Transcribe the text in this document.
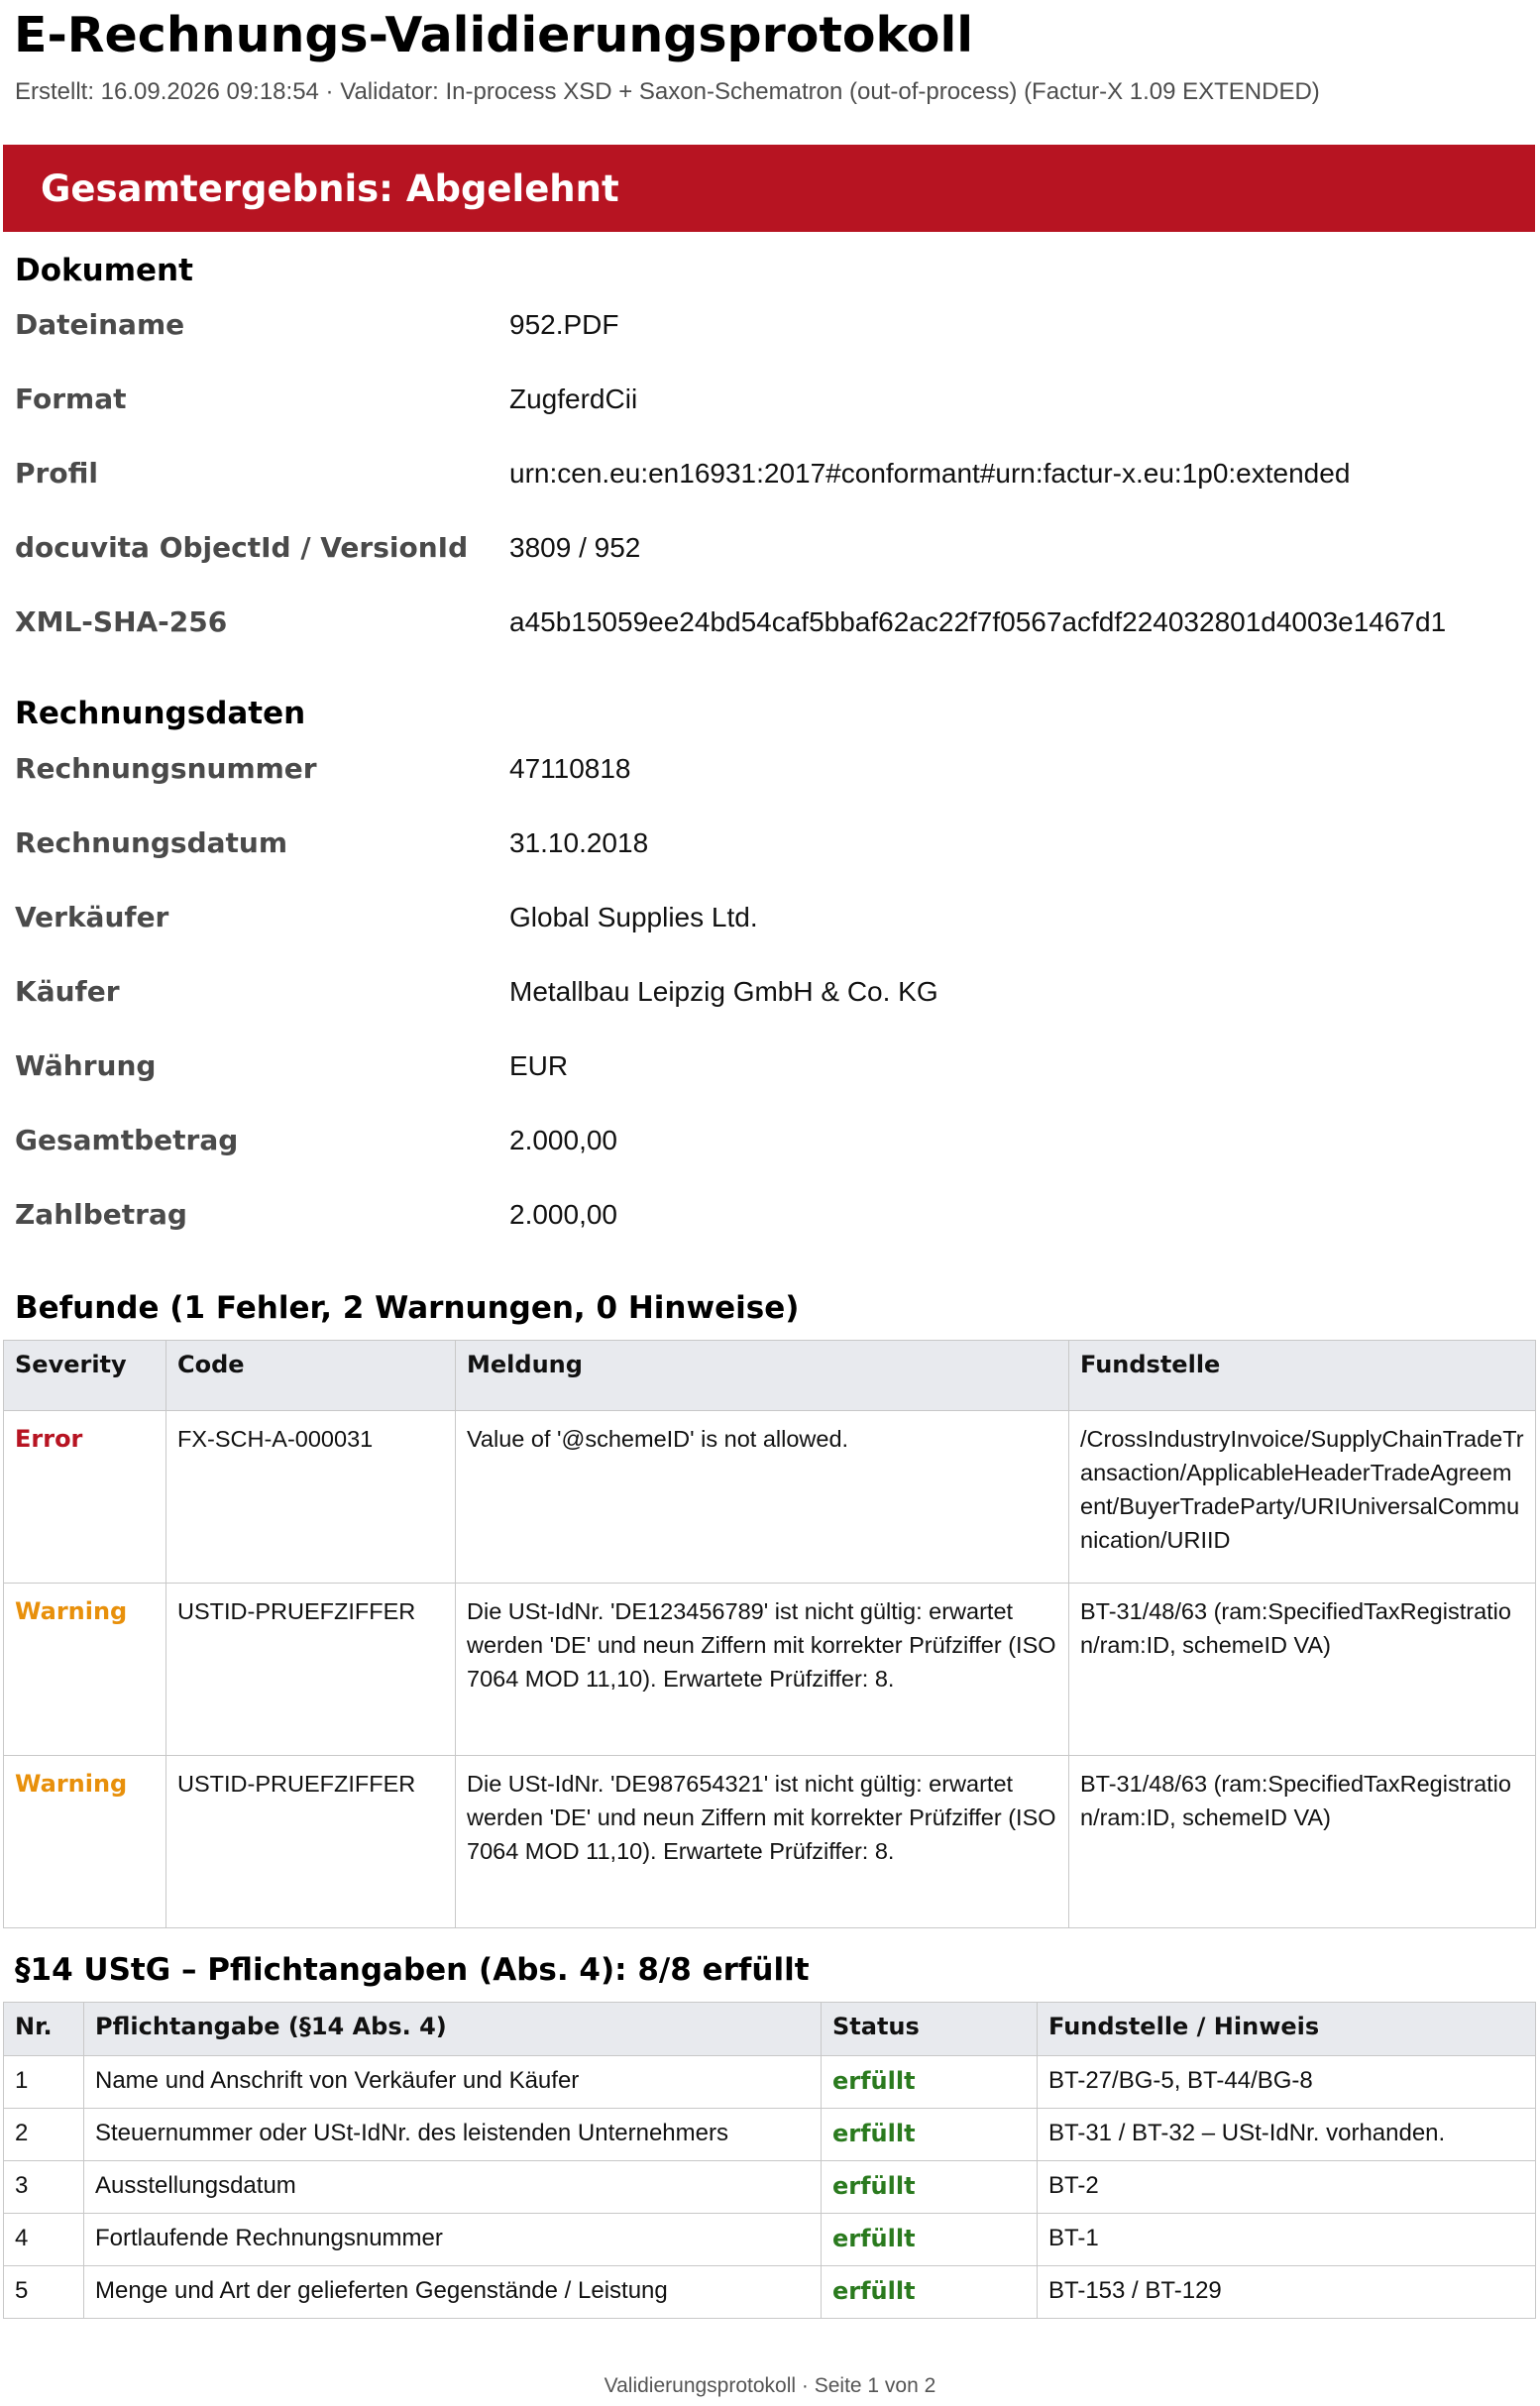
E-Rechnungs-Validierungsprotokoll
Erstellt: 16.09.2026 09:18:54 · Validator: In-process XSD + Saxon-Schematron (out-of-process) (Factur-X 1.09 EXTENDED)
Gesamtergebnis: Abgelehnt
Dokument
Dateiname	952.PDF
Format	ZugferdCii
Profil	urn:cen.eu:en16931:2017#conformant#urn:factur-x.eu:1p0:extended
docuvita ObjectId / VersionId 3809 / 952
XML-SHA-256	a45b15059ee24bd54caf5bbaf62ac22f7f0567acfdf224032801d4003e1467d1
Rechnungsdaten
Rechnungsnummer	47110818
Rechnungsdatum	31.10.2018
Verkäufer	Global Supplies Ltd.
Käufer	Metallbau Leipzig GmbH & Co. KG
Währung	EUR
Gesamtbetrag	2.000,00
Zahlbetrag	2.000,00
Befunde (1 Fehler, 2 Warnungen, 0 Hinweise)
Severity	Code	Meldung	Fundstelle
Error	FX-SCH-A-000031	Value of '@schemeID' is not allowed.	/CrossIndustryInvoice/SupplyChainTradeTransaction/ApplicableHeaderTradeAgreement/BuyerTradeParty/URIUniversalCommunication/URIID
Warning	USTID-PRUEFZIFFER	Die USt-IdNr. 'DE123456789' ist nicht gültig: erwartet werden 'DE' und neun Ziffern mit korrekter Prüfziffer (ISO 7064 MOD 11,10). Erwartete Prüfziffer: 8.	BT-31/48/63 (ram:SpecifiedTaxRegistration/ram:ID, schemeID VA)
Warning	USTID-PRUEFZIFFER	Die USt-IdNr. 'DE987654321' ist nicht gültig: erwartet werden 'DE' und neun Ziffern mit korrekter Prüfziffer (ISO 7064 MOD 11,10). Erwartete Prüfziffer: 8.	BT-31/48/63 (ram:SpecifiedTaxRegistration/ram:ID, schemeID VA)
§14 UStG – Pflichtangaben (Abs. 4): 8/8 erfüllt
Nr.	Pflichtangabe (§14 Abs. 4)	Status	Fundstelle / Hinweis
1	Name und Anschrift von Verkäufer und Käufer	erfüllt	BT-27/BG-5, BT-44/BG-8
2	Steuernummer oder USt-IdNr. des leistenden Unternehmers	erfüllt	BT-31 / BT-32 – USt-IdNr. vorhanden.
3	Ausstellungsdatum	erfüllt	BT-2
4	Fortlaufende Rechnungsnummer	erfüllt	BT-1
5	Menge und Art der gelieferten Gegenstände / Leistung	erfüllt	BT-153 / BT-129
Validierungsprotokoll · Seite 1 von 2
